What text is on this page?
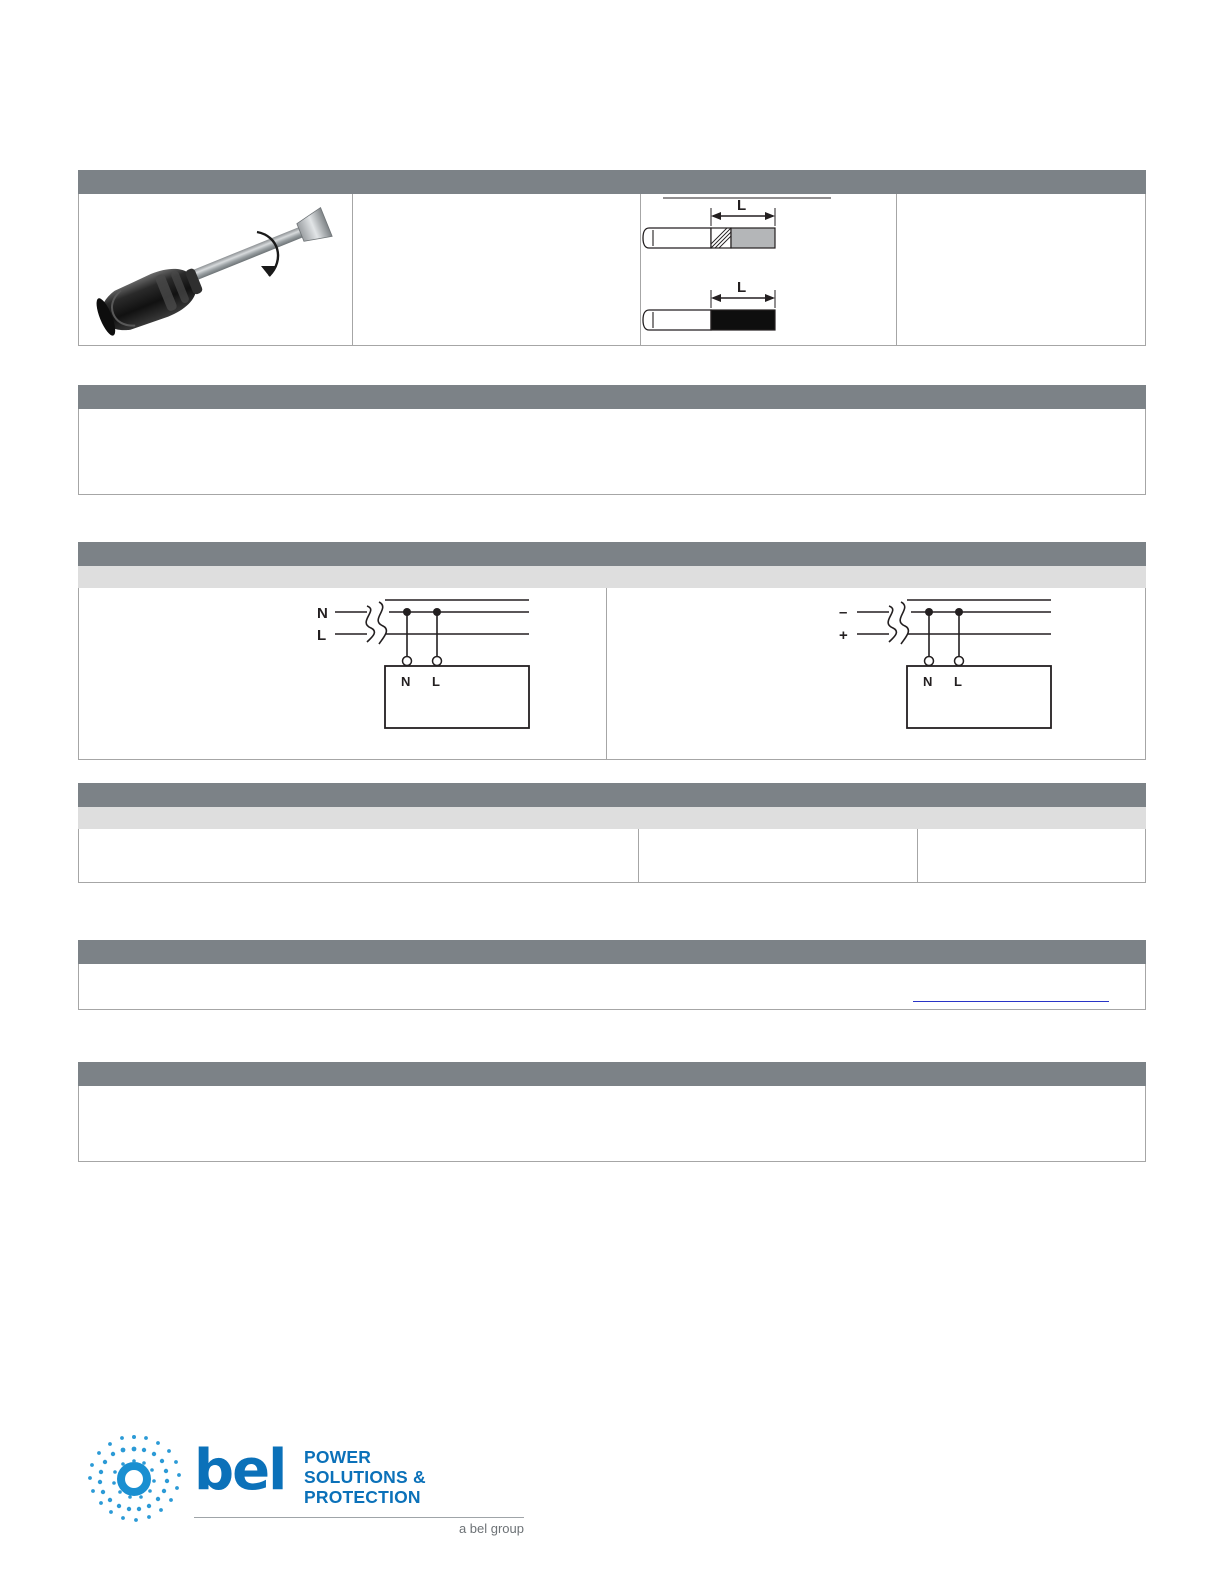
L
L
N
L
N L
–
+
N L
bel POWER
SOLUTIONS &
PROTECTION
a bel group
